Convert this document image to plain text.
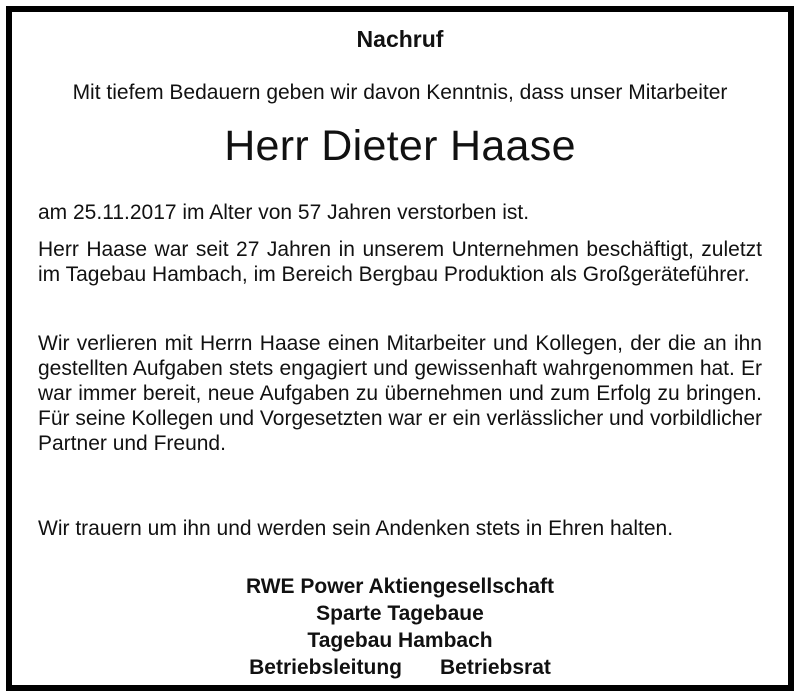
Nachruf
Mit tiefem Bedauern geben wir davon Kenntnis, dass unser Mitarbeiter
Herr Dieter Haase
am 25.11.2017 im Alter von 57 Jahren verstorben ist.
Herr Haase war seit 27 Jahren in unserem Unternehmen beschäftigt, zuletzt im Tagebau Hambach, im Bereich Bergbau Produktion als Großgeräteführer.
Wir verlieren mit Herrn Haase einen Mitarbeiter und Kollegen, der die an ihn gestellten Aufgaben stets engagiert und gewissenhaft wahrgenommen hat. Er war immer bereit, neue Aufgaben zu übernehmen und zum Erfolg zu bringen. Für seine Kollegen und Vorgesetzten war er ein verlässlicher und vorbildlicher Partner und Freund.
Wir trauern um ihn und werden sein Andenken stets in Ehren halten.
RWE Power Aktiengesellschaft
Sparte Tagebaue
Tagebau Hambach
Betriebsleitung Betriebsrat
